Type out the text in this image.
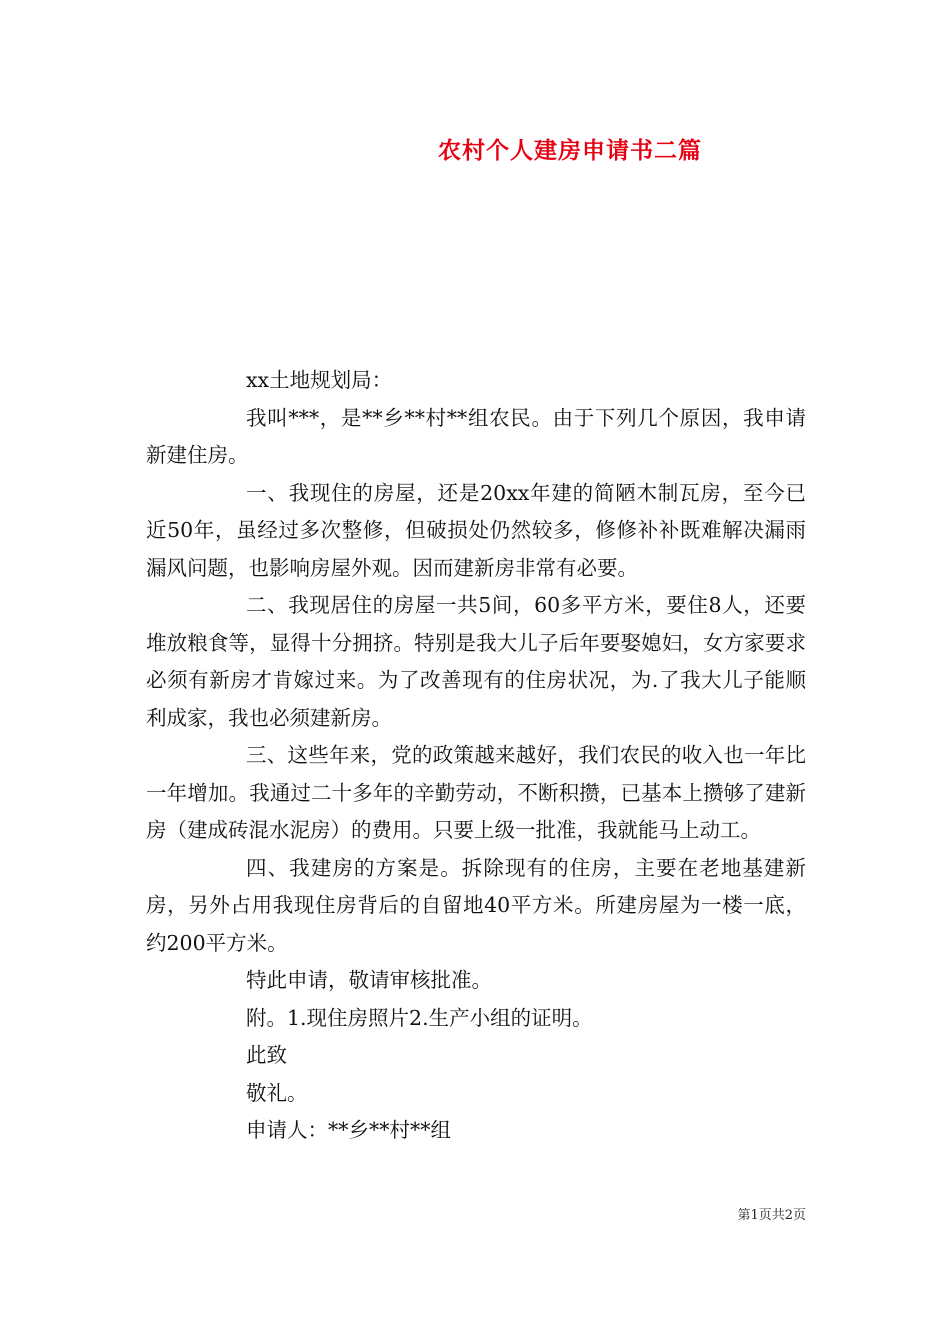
农村个人建房申请书二篇

xx土地规划局：

我叫***，是**乡**村**组农民。由于下列几个原因，我申请新建住房。

一、我现住的房屋，还是20xx年建的简陋木制瓦房，至今已近50年，虽经过多次整修，但破损处仍然较多，修修补补既难解决漏雨漏风问题，也影响房屋外观。因而建新房非常有必要。

二、我现居住的房屋一共5间，60多平方米，要住8人，还要堆放粮食等，显得十分拥挤。特别是我大儿子后年要娶媳妇，女方家要求必须有新房才肯嫁过来。为了改善现有的住房状况，为.了我大儿子能顺利成家，我也必须建新房。

三、这些年来，党的政策越来越好，我们农民的收入也一年比一年增加。我通过二十多年的辛勤劳动，不断积攒，已基本上攒够了建新房（建成砖混水泥房）的费用。只要上级一批准，我就能马上动工。

四、我建房的方案是。拆除现有的住房，主要在老地基建新房，另外占用我现住房背后的自留地40平方米。所建房屋为一楼一底，约200平方米。

特此申请，敬请审核批准。

附。1.现住房照片2.生产小组的证明。

此致

敬礼。

申请人：**乡**村**组

第1页共2页
